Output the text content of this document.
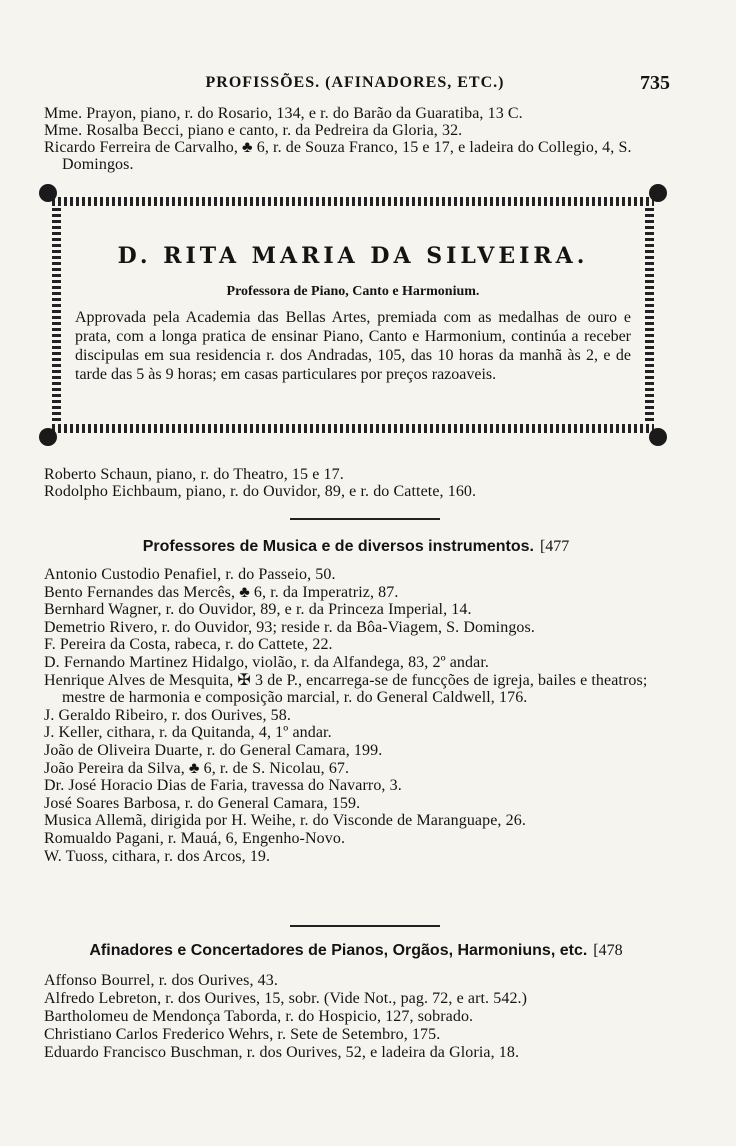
PROFISSÕES. (AFINADORES, ETC.)	735
Mme. Prayon, piano, r. do Rosario, 134, e r. do Barão da Guaratiba, 13 C.
Mme. Rosalba Becci, piano e canto, r. da Pedreira da Gloria, 32.
Ricardo Ferreira de Carvalho, ♣ 6, r. de Souza Franco, 15 e 17, e ladeira do Collegio, 4, S. Domingos.
D. RITA MARIA DA SILVEIRA.
Professora de Piano, Canto e Harmonium.
Approvada pela Academia das Bellas Artes, premiada com as medalhas de ouro e prata, com a longa pratica de ensinar Piano, Canto e Harmonium, continúa a receber discipulas em sua residencia r. dos Andradas, 105, das 10 horas da manhã às 2, e de tarde das 5 às 9 horas; em casas particulares por preços razoaveis.
Roberto Schaun, piano, r. do Theatro, 15 e 17.
Rodolpho Eichbaum, piano, r. do Ouvidor, 89, e r. do Cattete, 160.
Professores de Musica e de diversos instrumentos. [477
Antonio Custodio Penafiel, r. do Passeio, 50.
Bento Fernandes das Mercês, ♣ 6, r. da Imperatriz, 87.
Bernhard Wagner, r. do Ouvidor, 89, e r. da Princeza Imperial, 14.
Demetrio Rivero, r. do Ouvidor, 93; reside r. da Bôa-Viagem, S. Domingos.
F. Pereira da Costa, rabeca, r. do Cattete, 22.
D. Fernando Martinez Hidalgo, violão, r. da Alfandega, 83, 2º andar.
Henrique Alves de Mesquita, ✠ 3 de P., encarrega-se de funcções de igreja, bailes e theatros; mestre de harmonia e composição marcial, r. do General Caldwell, 176.
J. Geraldo Ribeiro, r. dos Ourives, 58.
J. Keller, cithara, r. da Quitanda, 4, 1º andar.
João de Oliveira Duarte, r. do General Camara, 199.
João Pereira da Silva, ♣ 6, r. de S. Nicolau, 67.
Dr. José Horacio Dias de Faria, travessa do Navarro, 3.
José Soares Barbosa, r. do General Camara, 159.
Musica Allemã, dirigida por H. Weihe, r. do Visconde de Maranguape, 26.
Romualdo Pagani, r. Mauá, 6, Engenho-Novo.
W. Tuoss, cithara, r. dos Arcos, 19.
Afinadores e Concertadores de Pianos, Orgãos, Harmoniuns, etc. [478
Affonso Bourrel, r. dos Ourives, 43.
Alfredo Lebreton, r. dos Ourives, 15, sobr. (Vide Not., pag. 72, e art. 542.)
Bartholomeu de Mendonça Taborda, r. do Hospicio, 127, sobrado.
Christiano Carlos Frederico Wehrs, r. Sete de Setembro, 175.
Eduardo Francisco Buschman, r. dos Ourives, 52, e ladeira da Gloria, 18.
